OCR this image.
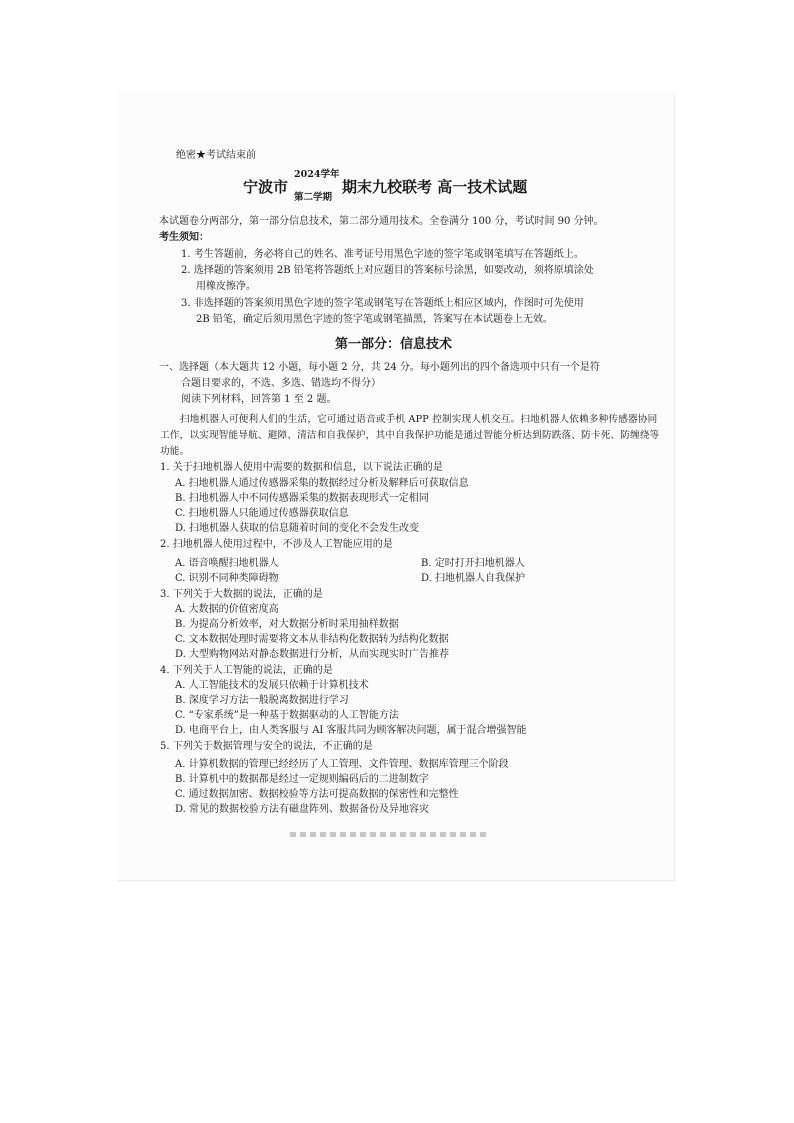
绝密★考试结束前
宁波市
2024学年
第二学期
期末九校联考 高一技术试题
本试题卷分两部分，第一部分信息技术，第二部分通用技术。全卷满分 100 分，考试时间 90 分钟。
考生须知：
1. 考生答题前，务必将自己的姓名、准考证号用黑色字迹的签字笔或钢笔填写在答题纸上。
2. 选择题的答案须用 2B 铅笔将答题纸上对应题目的答案标号涂黑，如要改动，须将原填涂处
用橡皮擦净。
3. 非选择题的答案须用黑色字迹的签字笔或钢笔写在答题纸上相应区域内，作图时可先使用
2B 铅笔，确定后须用黑色字迹的签字笔或钢笔描黑，答案写在本试题卷上无效。
第一部分：信息技术
一、选择题（本大题共 12 小题，每小题 2 分，共 24 分。每小题列出的四个备选项中只有一个是符
合题目要求的，不选、多选、错选均不得分）
阅读下列材料，回答第 1 至 2 题。
扫地机器人可便利人们的生活，它可通过语音或手机 APP 控制实现人机交互。扫地机器人依赖多种传感器协同工作，以实现智能导航、避障、清洁和自我保护，其中自我保护功能是通过智能分析达到防跌落、防卡死、防缠绕等功能。
1. 关于扫地机器人使用中需要的数据和信息，以下说法正确的是
A. 扫地机器人通过传感器采集的数据经过分析及解释后可获取信息
B. 扫地机器人中不同传感器采集的数据表现形式一定相同
C. 扫地机器人只能通过传感器获取信息
D. 扫地机器人获取的信息随着时间的变化不会发生改变
2. 扫地机器人使用过程中，不涉及人工智能应用的是
A. 语音唤醒扫地机器人	B. 定时打开扫地机器人
C. 识别不同种类障碍物	D. 扫地机器人自我保护
3. 下列关于大数据的说法，正确的是
A. 大数据的价值密度高
B. 为提高分析效率，对大数据分析时采用抽样数据
C. 文本数据处理时需要将文本从非结构化数据转为结构化数据
D. 大型购物网站对静态数据进行分析，从而实现实时广告推荐
4. 下列关于人工智能的说法，正确的是
A. 人工智能技术的发展只依赖于计算机技术
B. 深度学习方法一般脱离数据进行学习
C. “专家系统”是一种基于数据驱动的人工智能方法
D. 电商平台上，由人类客服与 AI 客服共同为顾客解决问题，属于混合增强智能
5. 下列关于数据管理与安全的说法，不正确的是
A. 计算机数据的管理已经经历了人工管理、文件管理、数据库管理三个阶段
B. 计算机中的数据都是经过一定规则编码后的二进制数字
C. 通过数据加密、数据校验等方法可提高数据的保密性和完整性
D. 常见的数据校验方法有磁盘阵列、数据备份及异地容灾
